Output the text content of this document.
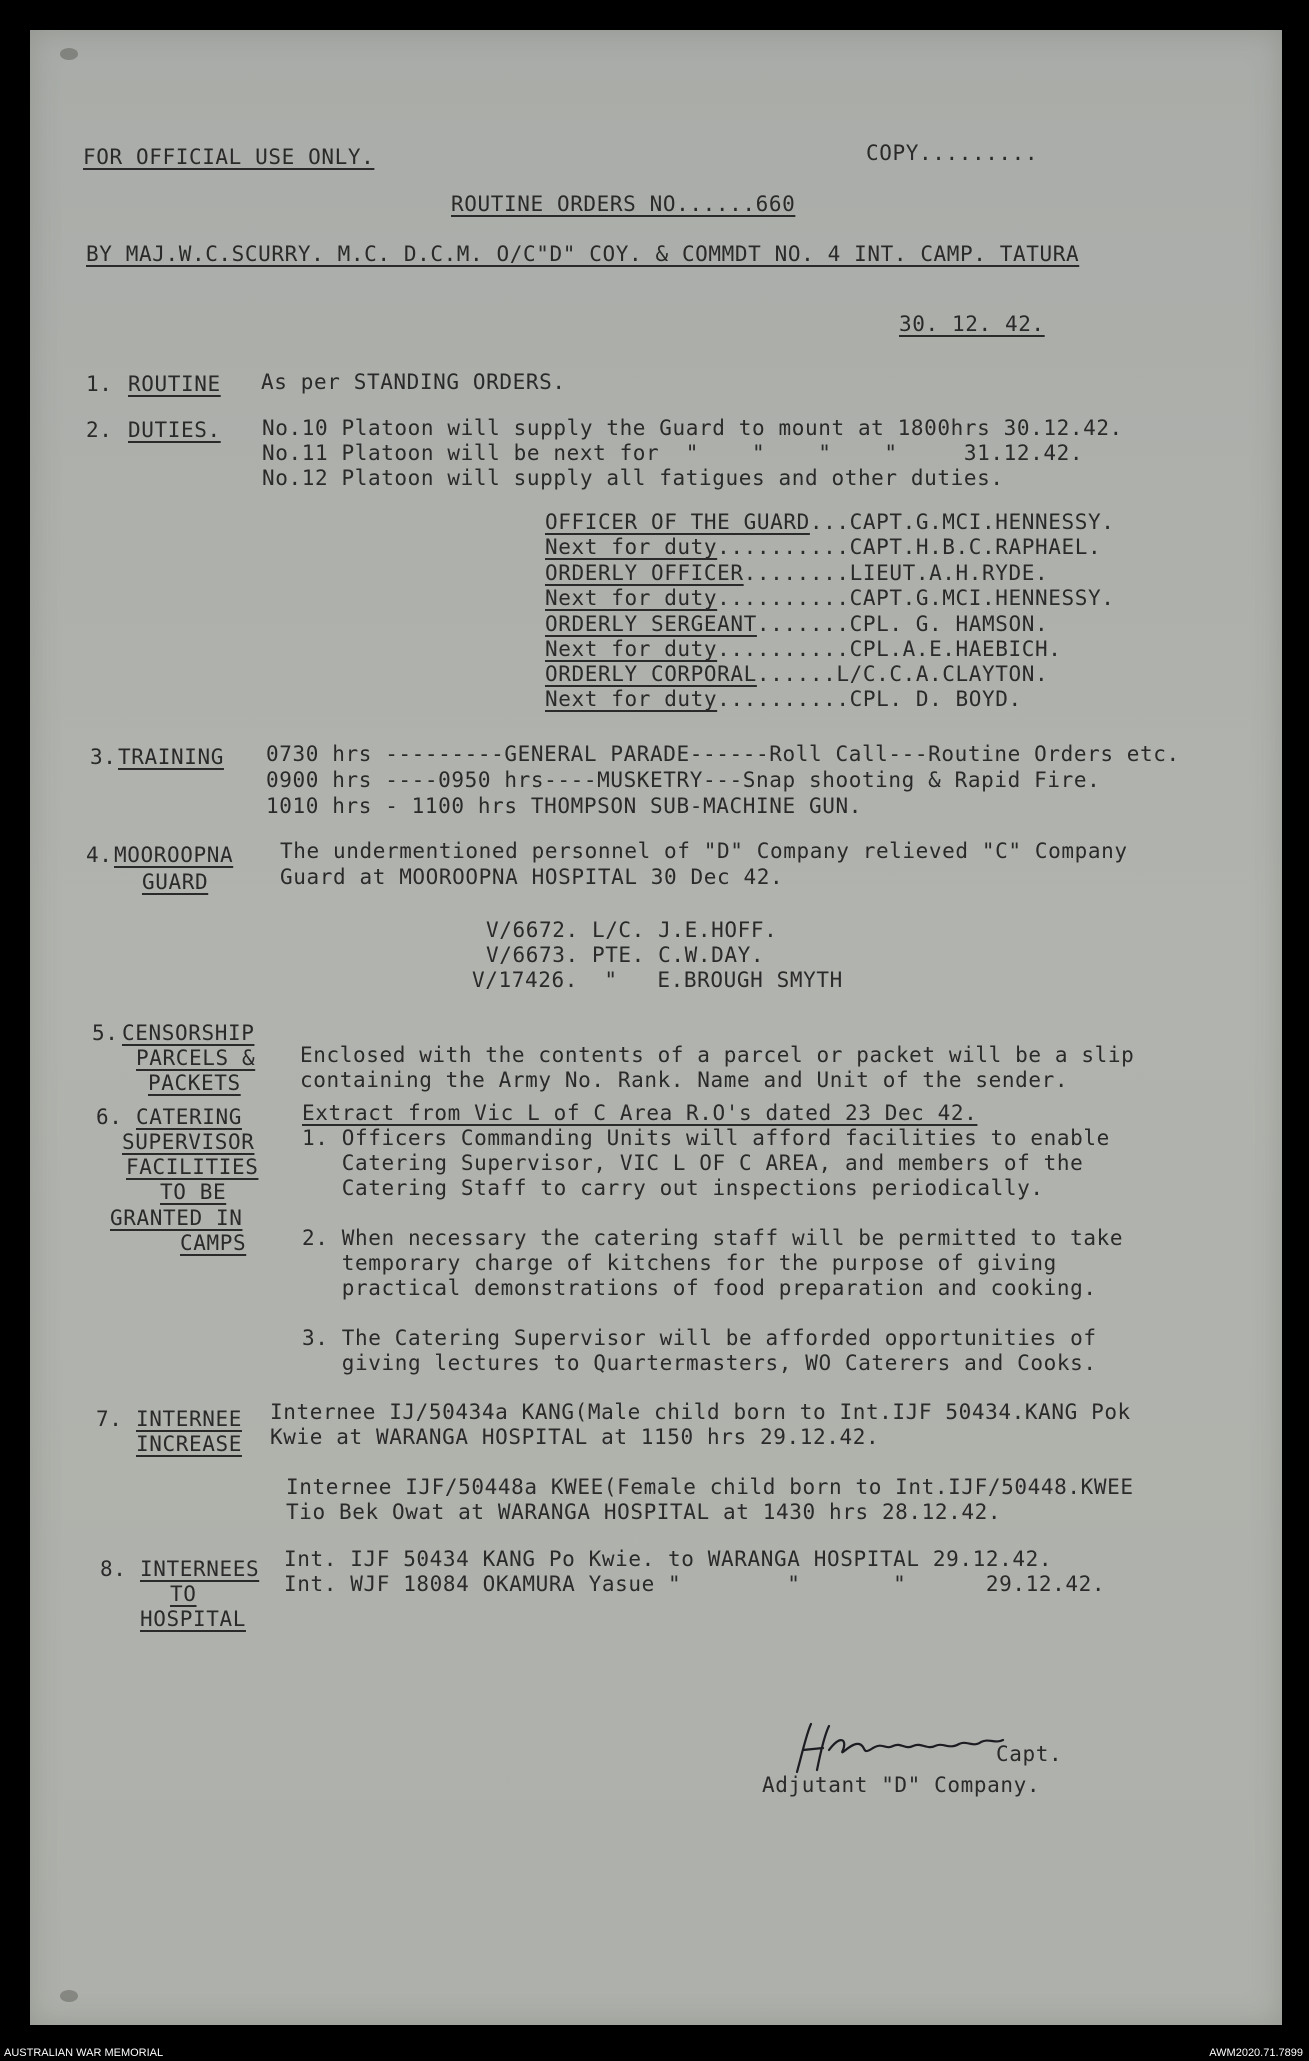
FOR OFFICIAL USE ONLY.	COPY.........
ROUTINE ORDERS NO......660
BY MAJ.W.C.SCURRY. M.C. D.C.M. O/C"D" COY. & COMMDT NO. 4 INT. CAMP. TATURA
30. 12. 42.
1. ROUTINE As per STANDING ORDERS.
2. DUTIES. No.10 Platoon will supply the Guard to mount at 1800hrs 30.12.42.
No.11 Platoon will be next for  "    "    "    "     31.12.42.
No.12 Platoon will supply all fatigues and other duties.
OFFICER OF THE GUARD...CAPT.G.MCI.HENNESSY.
Next for duty..........CAPT.H.B.C.RAPHAEL.
ORDERLY OFFICER........LIEUT.A.H.RYDE.
Next for duty..........CAPT.G.MCI.HENNESSY.
ORDERLY SERGEANT.......CPL. G. HAMSON.
Next for duty..........CPL.A.E.HAEBICH.
ORDERLY CORPORAL......L/C.C.A.CLAYTON.
Next for duty..........CPL. D. BOYD.
3. TRAINING 0730 hrs ---------GENERAL PARADE------Roll Call---Routine Orders etc.
0900 hrs ----0950 hrs----MUSKETRY---Snap shooting & Rapid Fire.
1010 hrs - 1100 hrs THOMPSON SUB-MACHINE GUN.
4. MOOROOPNA
GUARD
The undermentioned personnel of "D" Company relieved "C" Company
Guard at MOOROOPNA HOSPITAL 30 Dec 42.
V/6672. L/C. J.E.HOFF.
V/6673. PTE. C.W.DAY.
V/17426.  "   E.BROUGH SMYTH
5. CENSORSHIP
PARCELS &
PACKETS
Enclosed with the contents of a parcel or packet will be a slip
containing the Army No. Rank. Name and Unit of the sender.
6. CATERING
SUPERVISOR
FACILITIES
TO BE
GRANTED IN
CAMPS
Extract from Vic L of C Area R.O's dated 23 Dec 42.
1. Officers Commanding Units will afford facilities to enable
Catering Supervisor, VIC L OF C AREA, and members of the
Catering Staff to carry out inspections periodically.
2. When necessary the catering staff will be permitted to take
temporary charge of kitchens for the purpose of giving
practical demonstrations of food preparation and cooking.
3. The Catering Supervisor will be afforded opportunities of
giving lectures to Quartermasters, WO Caterers and Cooks.
7. INTERNEE
INCREASE
Internee IJ/50434a KANG(Male child born to Int.IJF 50434.KANG Pok
Kwie at WARANGA HOSPITAL at 1150 hrs 29.12.42.
Internee IJF/50448a KWEE(Female child born to Int.IJF/50448.KWEE
Tio Bek Owat at WARANGA HOSPITAL at 1430 hrs 28.12.42.
8. INTERNEES
TO
HOSPITAL
Int. IJF 50434 KANG Po Kwie. to WARANGA HOSPITAL 29.12.42.
Int. WJF 18084 OKAMURA Yasue "        "       "      29.12.42.
Capt.
Adjutant "D" Company.
AUSTRALIAN WAR MEMORIAL	AWM2020.71.7899
